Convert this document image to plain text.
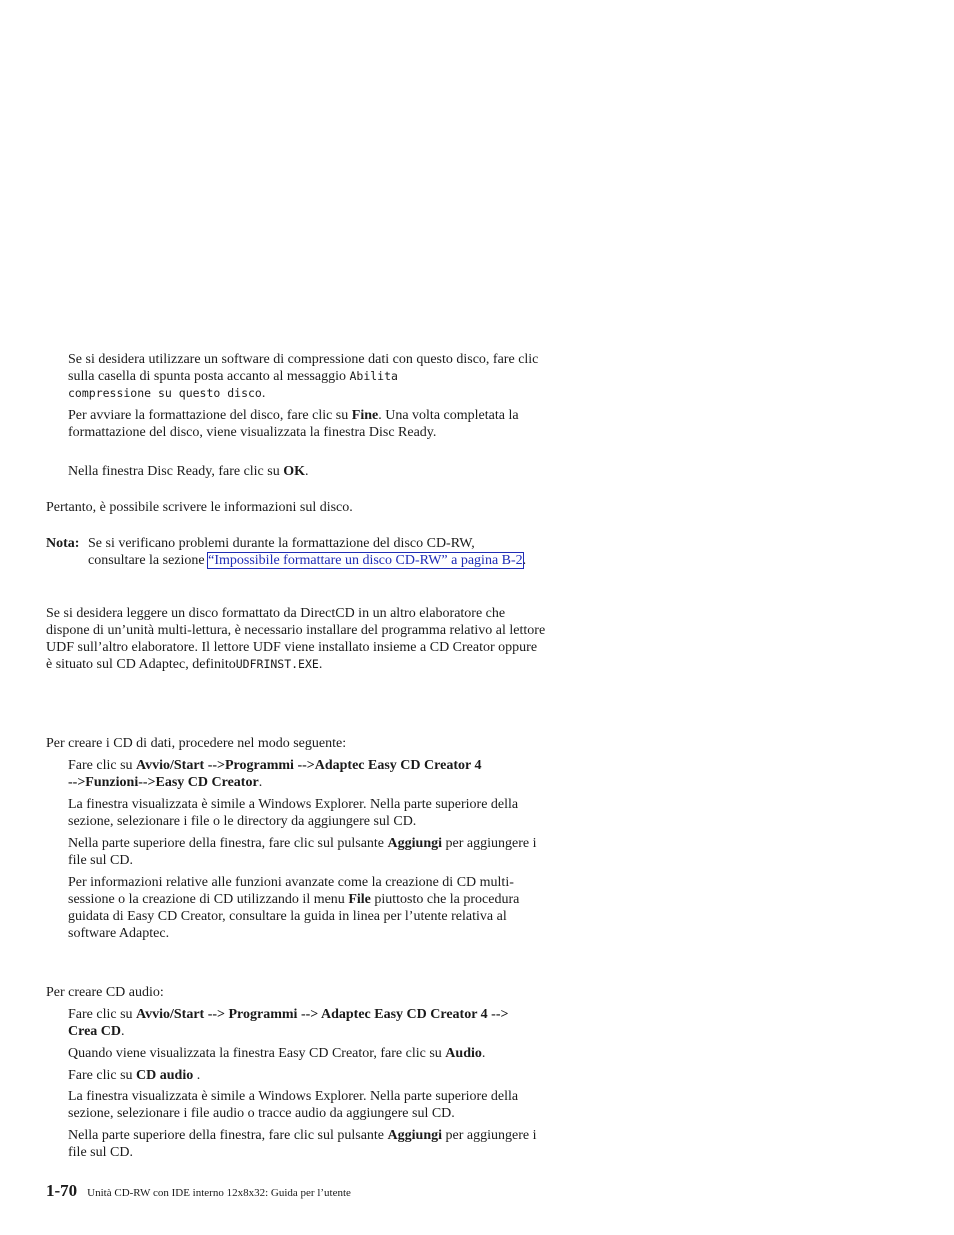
Se si desidera utilizzare un software di compressione dati con questo disco, fare clic sulla casella di spunta posta accanto al messaggio Abilita
compressione su questo disco.

Per avviare la formattazione del disco, fare clic su Fine. Una volta completata la formattazione del disco, viene visualizzata la finestra Disc Ready.

Nella finestra Disc Ready, fare clic su OK.

Pertanto, è possibile scrivere le informazioni sul disco.

Nota: Se si verificano problemi durante la formattazione del disco CD-RW, consultare la sezione “Impossibile formattare un disco CD-RW” a pagina B-2.

Se si desidera leggere un disco formattato da DirectCD in un altro elaboratore che dispone di un’unità multi-lettura, è necessario installare del programma relativo al lettore UDF sull’altro elaboratore. Il lettore UDF viene installato insieme a CD Creator oppure è situato sul CD Adaptec, definitoUDFRINST.EXE.

Per creare i CD di dati, procedere nel modo seguente:

Fare clic su Avvio/Start -->Programmi -->Adaptec Easy CD Creator 4
-->Funzioni-->Easy CD Creator.

La finestra visualizzata è simile a Windows Explorer. Nella parte superiore della sezione, selezionare i file o le directory da aggiungere sul CD.

Nella parte superiore della finestra, fare clic sul pulsante Aggiungi per aggiungere i file sul CD.

Per informazioni relative alle funzioni avanzate come la creazione di CD multi-sessione o la creazione di CD utilizzando il menu File piuttosto che la procedura guidata di Easy CD Creator, consultare la guida in linea per l’utente relativa al software Adaptec.

Per creare CD audio:

Fare clic su Avvio/Start --> Programmi --> Adaptec Easy CD Creator 4 -->
Crea CD.

Quando viene visualizzata la finestra Easy CD Creator, fare clic su Audio.

Fare clic su CD audio .

La finestra visualizzata è simile a Windows Explorer. Nella parte superiore della sezione, selezionare i file audio o tracce audio da aggiungere sul CD.

Nella parte superiore della finestra, fare clic sul pulsante Aggiungi per aggiungere i file sul CD.

1-70 Unità CD-RW con IDE interno 12x8x32: Guida per l’utente
